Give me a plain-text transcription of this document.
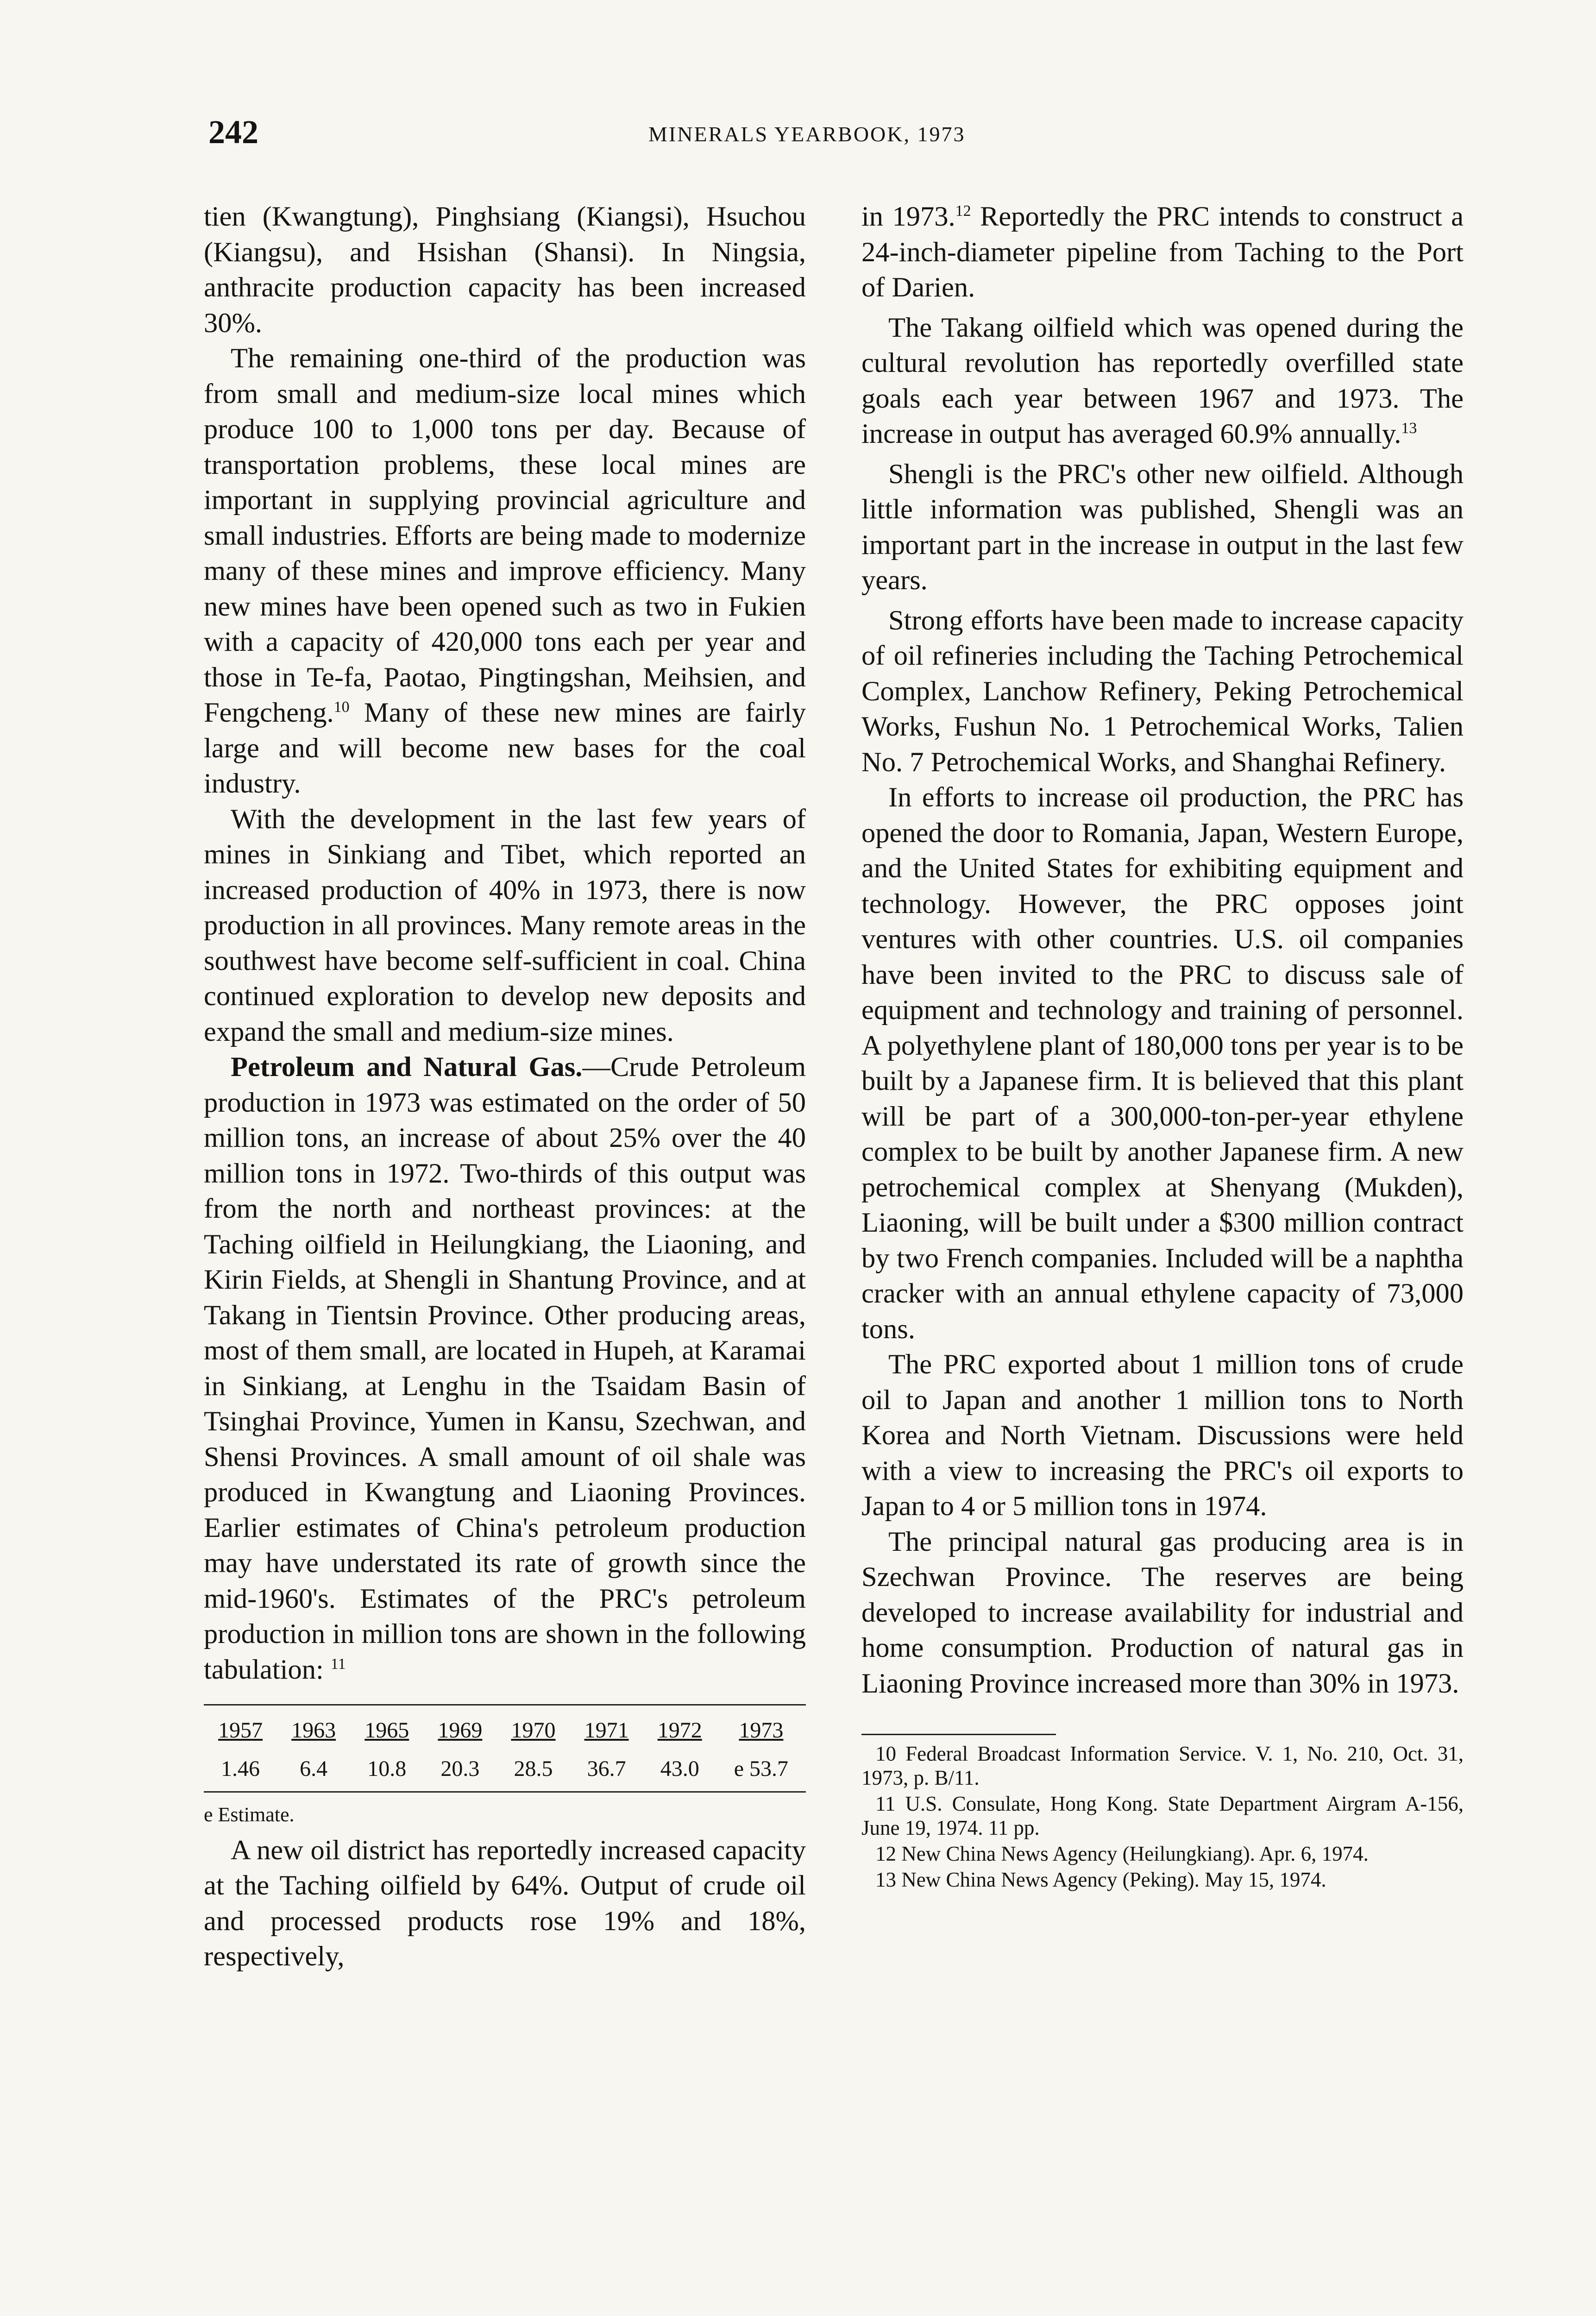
242	MINERALS YEARBOOK, 1973

tien (Kwangtung), Pinghsiang (Kiangsi), Hsuchou (Kiangsu), and Hsishan (Shansi). In Ningsia, anthracite production capacity has been increased 30%.

The remaining one-third of the production was from small and medium-size local mines which produce 100 to 1,000 tons per day. Because of transportation problems, these local mines are important in supplying provincial agriculture and small industries. Efforts are being made to modernize many of these mines and improve efficiency. Many new mines have been opened such as two in Fukien with a capacity of 420,000 tons each per year and those in Te-fa, Paotao, Pingtingshan, Meihsien, and Fengcheng.$^{10}$ Many of these new mines are fairly large and will become new bases for the coal industry.

With the development in the last few years of mines in Sinkiang and Tibet, which reported an increased production of 40% in 1973, there is now production in all provinces. Many remote areas in the southwest have become self-sufficient in coal. China continued exploration to develop new deposits and expand the small and medium-size mines.

Petroleum and Natural Gas.—Crude Petroleum production in 1973 was estimated on the order of 50 million tons, an increase of about 25% over the 40 million tons in 1972. Two-thirds of this output was from the north and northeast provinces: at the Taching oilfield in Heilungkiang, the Liaoning, and Kirin Fields, at Shengli in Shantung Province, and at Takang in Tientsin Province. Other producing areas, most of them small, are located in Hupeh, at Karamai in Sinkiang, at Lenghu in the Tsaidam Basin of Tsinghai Province, Yumen in Kansu, Szechwan, and Shensi Provinces. A small amount of oil shale was produced in Kwangtung and Liaoning Provinces. Earlier estimates of China's petroleum production may have understated its rate of growth since the mid-1960's. Estimates of the PRC's petroleum production in million tons are shown in the following tabulation: $^{11}$

1957	1963	1965	1969	1970	1971	1972	1973
1.46	6.4	10.8	20.3	28.5	36.7	43.0	e 53.7

e Estimate.

A new oil district has reportedly increased capacity at the Taching oilfield by 64%. Output of crude oil and processed products rose 19% and 18%, respectively,

in 1973.12 Reportedly the PRC intends to construct a 24-inch-diameter pipeline from Taching to the Port of Darien.

The Takang oilfield which was opened during the cultural revolution has reportedly overfilled state goals each year between 1967 and 1973. The increase in output has averaged 60.9% annually.$^{13}$

Shengli is the PRC's other new oilfield. Although little information was published, Shengli was an important part in the increase in output in the last few years.

Strong efforts have been made to increase capacity of oil refineries including the Taching Petrochemical Complex, Lanchow Refinery, Peking Petrochemical Works, Fushun No. 1 Petrochemical Works, Talien No. 7 Petrochemical Works, and Shanghai Refinery.

In efforts to increase oil production, the PRC has opened the door to Romania, Japan, Western Europe, and the United States for exhibiting equipment and technology. However, the PRC opposes joint ventures with other countries. U.S. oil companies have been invited to the PRC to discuss sale of equipment and technology and training of personnel. A polyethylene plant of 180,000 tons per year is to be built by a Japanese firm. It is believed that this plant will be part of a 300,000-ton-per-year ethylene complex to be built by another Japanese firm. A new petrochemical complex at Shenyang (Mukden), Liaoning, will be built under a $300 million contract by two French companies. Included will be a naphtha cracker with an annual ethylene capacity of 73,000 tons.

The PRC exported about 1 million tons of crude oil to Japan and another 1 million tons to North Korea and North Vietnam. Discussions were held with a view to increasing the PRC's oil exports to Japan to 4 or 5 million tons in 1974.

The principal natural gas producing area is in Szechwan Province. The reserves are being developed to increase availability for industrial and home consumption. Production of natural gas in Liaoning Province increased more than 30% in 1973.

10 Federal Broadcast Information Service. V. 1, No. 210, Oct. 31, 1973, p. B/11.

11 U.S. Consulate, Hong Kong. State Department Airgram A-156, June 19, 1974. 11 pp.

12 New China News Agency (Heilungkiang). Apr. 6, 1974.

13 New China News Agency (Peking). May 15, 1974.
